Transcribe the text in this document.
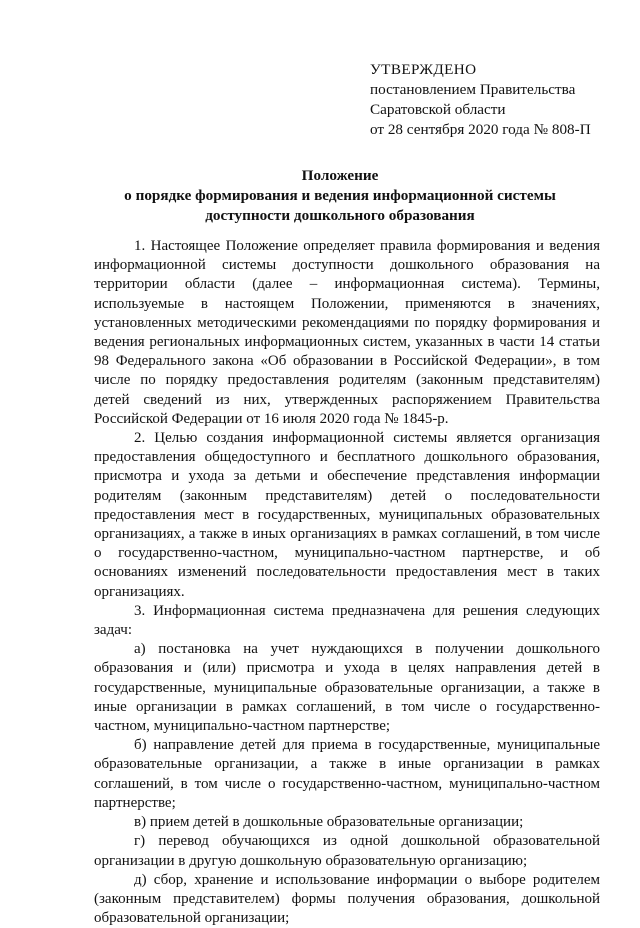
УТВЕРЖДЕНО
постановлением Правительства
Саратовской области
от 28 сентября 2020 года № 808-П
Положение
о порядке формирования и ведения информационной системы
доступности дошкольного образования

1. Настоящее Положение определяет правила формирования и ведения информационной системы доступности дошкольного образования на территории области (далее – информационная система). Термины, используемые в настоящем Положении, применяются в значениях, установленных методическими рекомендациями по порядку формирования и ведения региональных информационных систем, указанных в части 14 статьи 98 Федерального закона «Об образовании в Российской Федерации», в том числе по порядку предоставления родителям (законным представителям) детей сведений из них, утвержденных распоряжением Правительства Российской Федерации от 16 июля 2020 года № 1845-р.

2. Целью создания информационной системы является организация предоставления общедоступного и бесплатного дошкольного образования, присмотра и ухода за детьми и обеспечение представления информации родителям (законным представителям) детей о последовательности предоставления мест в государственных, муниципальных образовательных организациях, а также в иных организациях в рамках соглашений, в том числе о государственно-частном, муниципально-частном партнерстве, и об основаниях изменений последовательности предоставления мест в таких организациях.

3. Информационная система предназначена для решения следующих задач:

а) постановка на учет нуждающихся в получении дошкольного образования и (или) присмотра и ухода в целях направления детей в государственные, муниципальные образовательные организации, а также в иные организации в рамках соглашений, в том числе о государственно-частном, муниципально-частном партнерстве;

б) направление детей для приема в государственные, муниципальные образовательные организации, а также в иные организации в рамках соглашений, в том числе о государственно-частном, муниципально-частном партнерстве;

в) прием детей в дошкольные образовательные организации;

г) перевод обучающихся из одной дошкольной образовательной организации в другую дошкольную образовательную организацию;

д) сбор, хранение и использование информации о выборе родителем (законным представителем) формы получения образования, дошкольной образовательной организации;
